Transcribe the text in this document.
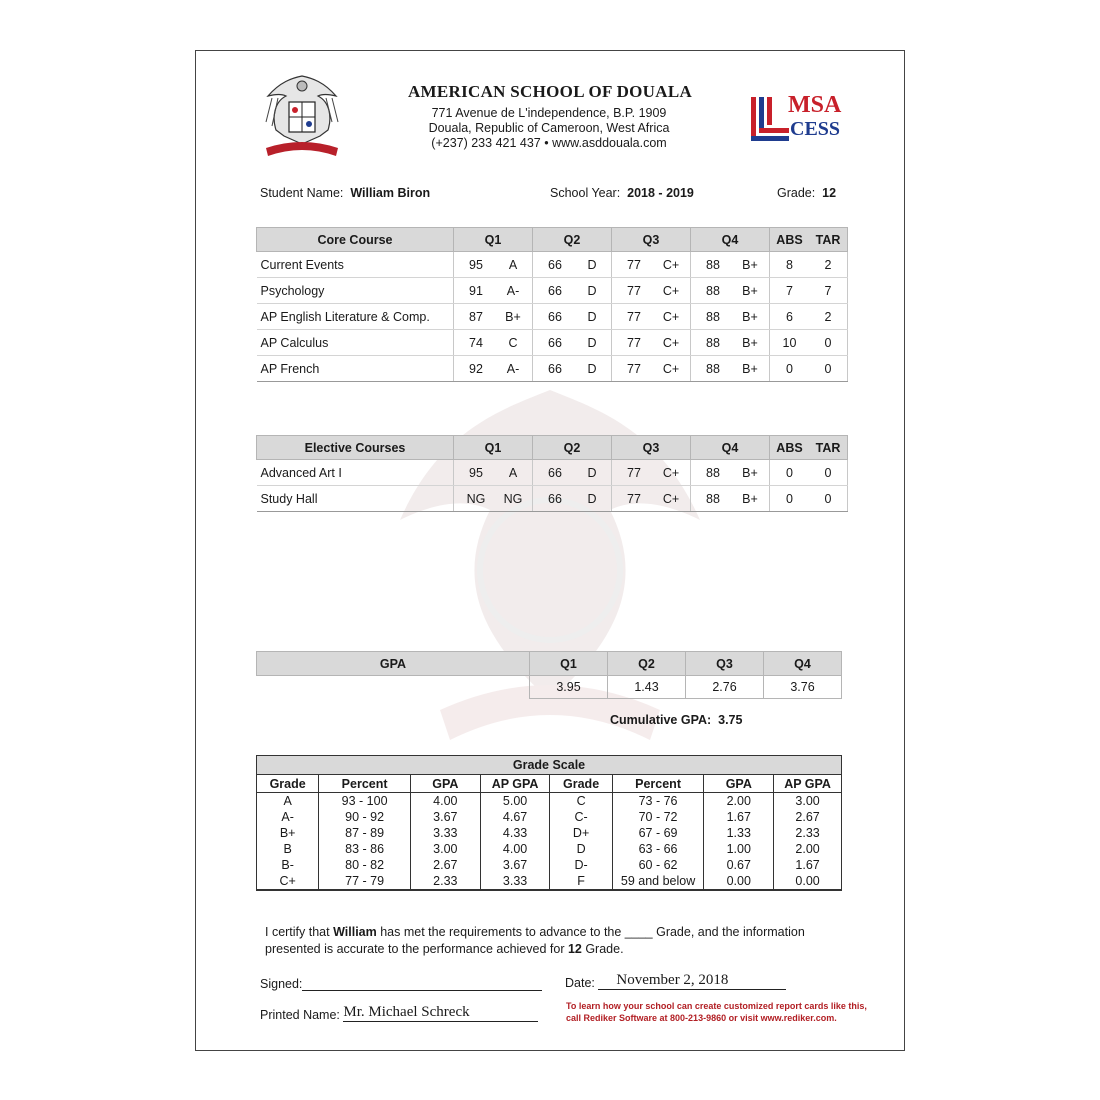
AMERICAN SCHOOL OF DOUALA
771 Avenue de L'independence, B.P. 1909
Douala, Republic of Cameroon, West Africa
(+237) 233 421 437 • www.asddouala.com
MSA
CESS
Student Name: William Biron	School Year: 2018 - 2019	Grade: 12
Core Course	Q1	Q2	Q3	Q4	ABS	TAR
Current Events	95 A	66 D	77 C+	88 B+	8	2
Psychology	91 A-	66 D	77 C+	88 B+	7	7
AP English Literature & Comp.	87 B+	66 D	77 C+	88 B+	6	2
AP Calculus	74 C	66 D	77 C+	88 B+	10	0
AP French	92 A-	66 D	77 C+	88 B+	0	0
Elective Courses	Q1	Q2	Q3	Q4	ABS	TAR
Advanced Art I	95 A	66 D	77 C+	88 B+	0	0
Study Hall	NG NG	66 D	77 C+	88 B+	0	0
GPA	Q1	Q2	Q3	Q4
	3.95	1.43	2.76	3.76
Cumulative GPA: 3.75
Grade Scale							
Grade	Percent	GPA	AP GPA	Grade	Percent	GPA	AP GPA
A	93 - 100	4.00	5.00	C	73 - 76	2.00	3.00
A-	90 - 92	3.67	4.67	C-	70 - 72	1.67	2.67
B+	87 - 89	3.33	4.33	D+	67 - 69	1.33	2.33
B	83 - 86	3.00	4.00	D	63 - 66	1.00	2.00
B-	80 - 82	2.67	3.67	D-	60 - 62	0.67	1.67
C+	77 - 79	2.33	3.33	F	59 and below	0.00	0.00
I certify that William has met the requirements to advance to the ____ Grade, and the information presented is accurate to the performance achieved for 12 Grade.
Signed:	Date: November 2, 2018
Printed Name: Mr. Michael Schreck	To learn how your school can create customized report cards like this,
call Rediker Software at 800-213-9860 or visit www.rediker.com.
